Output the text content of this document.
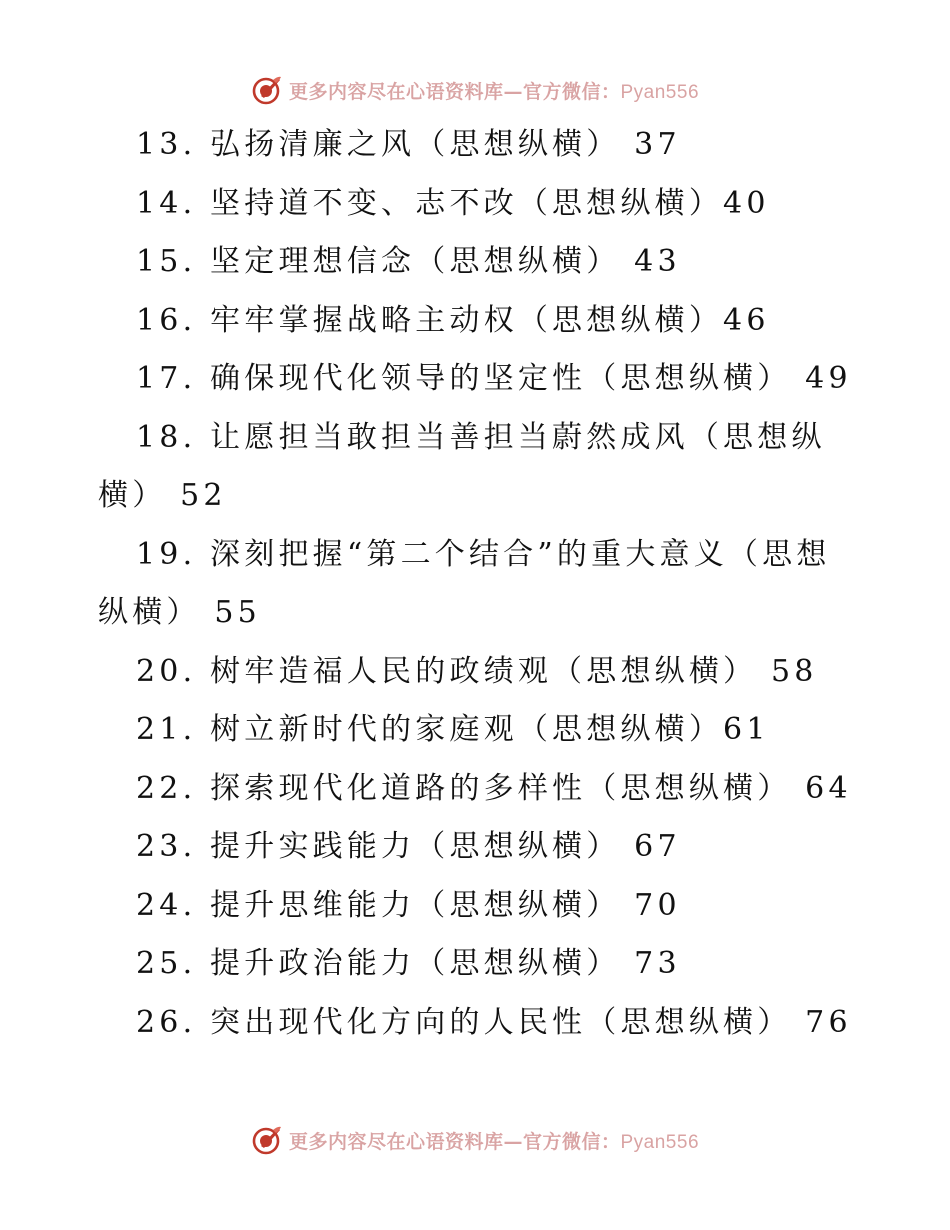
更多内容尽在心语资料库—官方微信：Pyan556
13. 弘扬清廉之风（思想纵横） 37
14. 坚持道不变、志不改（思想纵横）40
15. 坚定理想信念（思想纵横） 43
16. 牢牢掌握战略主动权（思想纵横）46
17. 确保现代化领导的坚定性（思想纵横） 49
18. 让愿担当敢担当善担当蔚然成风（思想纵横） 52
19. 深刻把握“第二个结合”的重大意义（思想纵横） 55
20. 树牢造福人民的政绩观（思想纵横） 58
21. 树立新时代的家庭观（思想纵横）61
22. 探索现代化道路的多样性（思想纵横） 64
23. 提升实践能力（思想纵横） 67
24. 提升思维能力（思想纵横） 70
25. 提升政治能力（思想纵横） 73
26. 突出现代化方向的人民性（思想纵横） 76
更多内容尽在心语资料库—官方微信：Pyan556
